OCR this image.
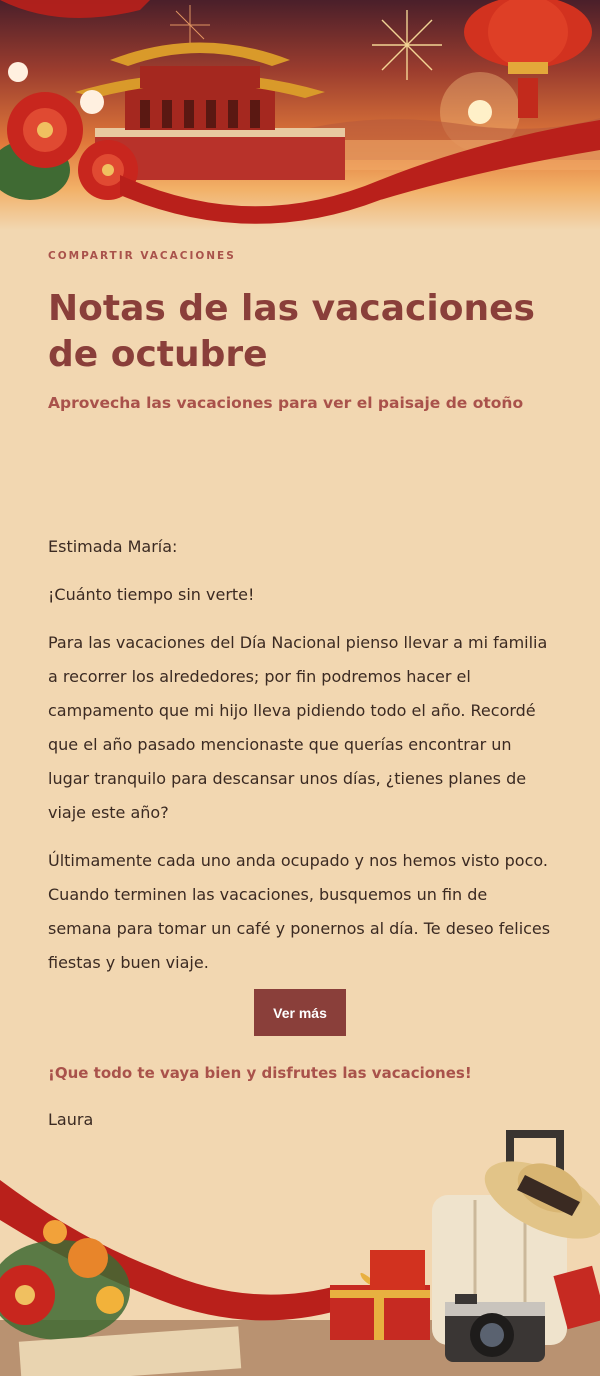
COMPARTIR VACACIONES
Notas de las vacaciones de octubre
Aprovecha las vacaciones para ver el paisaje de otoño

Estimada María:

¡Cuánto tiempo sin verte!

Para las vacaciones del Día Nacional pienso llevar a mi familia a recorrer los alrededores; por fin podremos hacer el campamento que mi hijo lleva pidiendo todo el año. Recordé que el año pasado mencionaste que querías encontrar un lugar tranquilo para descansar unos días, ¿tienes planes de viaje este año?

Últimamente cada uno anda ocupado y nos hemos visto poco. Cuando terminen las vacaciones, busquemos un fin de semana para tomar un café y ponernos al día. Te deseo felices fiestas y buen viaje.

Ver más
¡Que todo te vaya bien y disfrutes las vacaciones!
Laura
